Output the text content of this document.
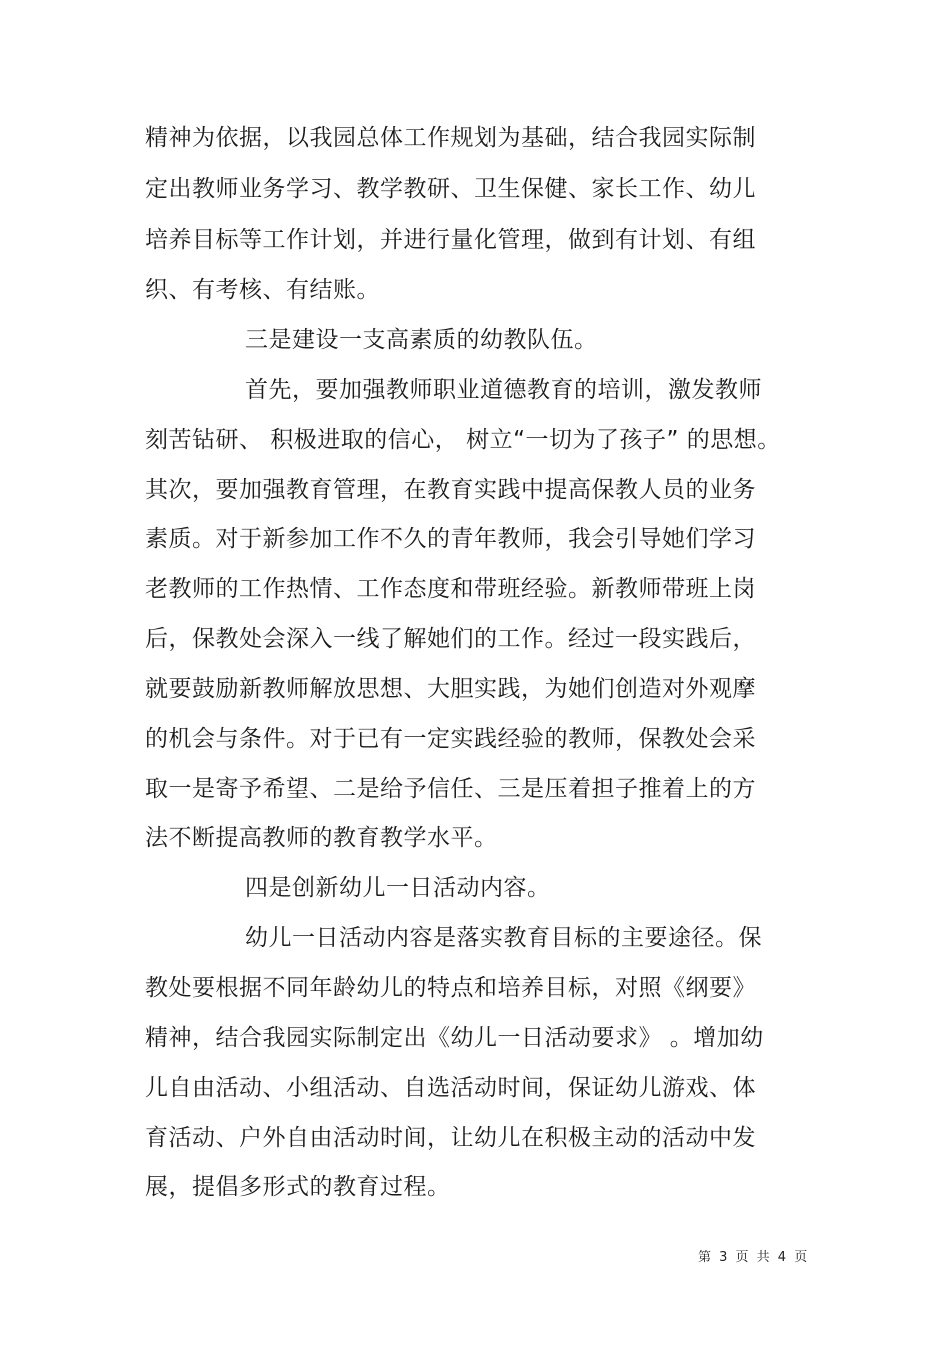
精神为依据，以我园总体工作规划为基础，结合我园实际制
定出教师业务学习、教学教研、卫生保健、家长工作、幼儿
培养目标等工作计划，并进行量化管理，做到有计划、有组
织、有考核、有结账。
三是建设一支高素质的幼教队伍。
首先，要加强教师职业道德教育的培训，激发教师
刻苦钻研、 积极进取的信心， 树立“一切为了孩子” 的思想。
其次，要加强教育管理，在教育实践中提高保教人员的业务
素质。对于新参加工作不久的青年教师，我会引导她们学习
老教师的工作热情、工作态度和带班经验。新教师带班上岗
后，保教处会深入一线了解她们的工作。经过一段实践后，
就要鼓励新教师解放思想、大胆实践，为她们创造对外观摩
的机会与条件。对于已有一定实践经验的教师，保教处会采
取一是寄予希望、二是给予信任、三是压着担子推着上的方
法不断提高教师的教育教学水平。
四是创新幼儿一日活动内容。
幼儿一日活动内容是落实教育目标的主要途径。保
教处要根据不同年龄幼儿的特点和培养目标，对照《纲要》
精神，结合我园实际制定出《幼儿一日活动要求》 。增加幼
儿自由活动、小组活动、自选活动时间，保证幼儿游戏、体
育活动、户外自由活动时间，让幼儿在积极主动的活动中发
展，提倡多形式的教育过程。
第 3 页 共 4 页
